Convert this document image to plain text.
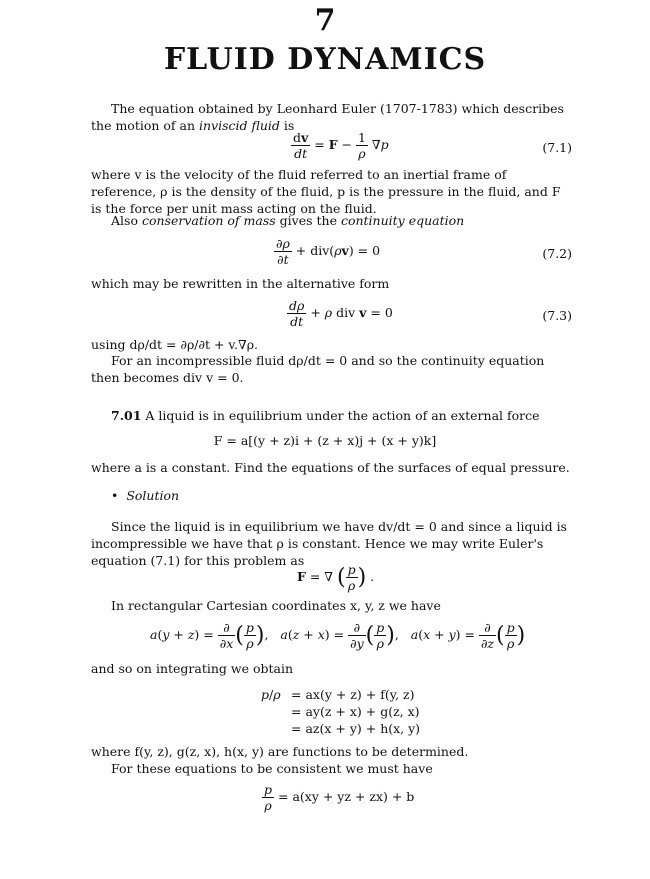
7
FLUID DYNAMICS
The equation obtained by Leonhard Euler (1707-1783) which describes the motion of an inviscid fluid is
$\frac{dv}{dt} = F - \frac{1}{\rho} \nabla p$	(7.1)
where v is the velocity of the fluid referred to an inertial frame of reference, ρ is the density of the fluid, p is the pressure in the fluid, and F is the force per unit mass acting on the fluid.
Also conservation of mass gives the continuity equation
$\frac{\partial\rho}{\partial t} + div(\rho v) = 0$	(7.2)
which may be rewritten in the alternative form
$\frac{d\rho}{dt} + \rho$ div v = 0	(7.3)
using dρ/dt = ∂ρ/∂t + v.∇ρ.
For an incompressible fluid dρ/dt = 0 and so the continuity equation then becomes div v = 0.
7.01 A liquid is in equilibrium under the action of an external force
F = a[(y + z)i + (z + x)j + (x + y)k]
where a is a constant. Find the equations of the surfaces of equal pressure.
• Solution
Since the liquid is in equilibrium we have dv/dt = 0 and since a liquid is incompressible we have that ρ is constant. Hence we may write Euler's equation (7.1) for this problem as
F = ∇ ( $\frac{p}{\rho}$ ) .
In rectangular Cartesian coordinates x, y, z we have
$a(y + z) = \frac{\partial}{\partial x}$ ( $\frac{p}{\rho}$ ),   $a(z + x) = \frac{\partial}{\partial y}$ ( $\frac{p}{\rho}$ ),   $a(x + y) = \frac{\partial}{\partial z}$ ( $\frac{p}{\rho}$ )
and so on integrating we obtain
p/ρ = ax(y + z) + f(y, z)
= ay(z + x) + g(z, x)
= az(x + y) + h(x, y)
where f(y, z), g(z, x), h(x, y) are functions to be determined.
For these equations to be consistent we must have
$\frac{p}{\rho} = a(xy$ + yz + zx) + b
